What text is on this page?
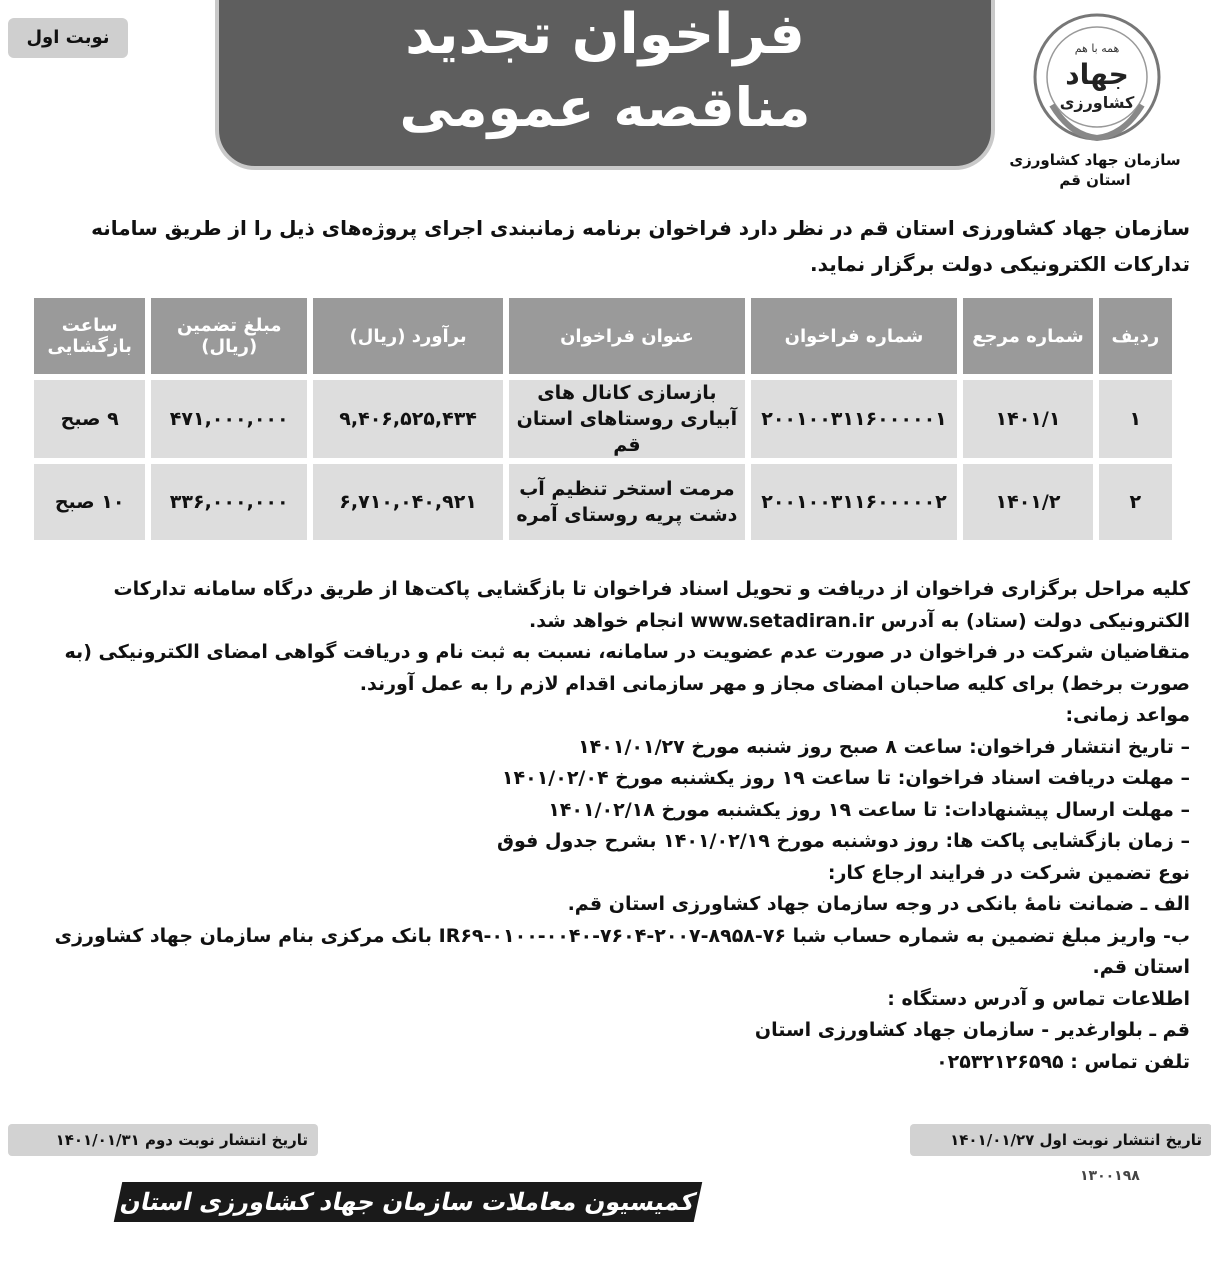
نوبت اول	فراخوان تجدید
مناقصه عمومی
همه با هم
جهاد
کشاورزی
سازمان جهاد کشاورزی
استان قم
سازمان جهاد کشاورزی استان قم در نظر دارد فراخوان برنامه زمانبندی اجرای پروژه‌های ذیل را از طریق سامانه تدارکات الکترونیکی دولت برگزار نماید.
ردیف	شماره مرجع	شماره فراخوان	عنوان فراخوان	برآورد (ریال)	مبلغ تضمین (ریال)	ساعت بازگشایی
۱	۱۴۰۱/۱	۲۰۰۱۰۰۳۱۱۶۰۰۰۰۰۱	بازسازی کانال های آبیاری روستاهای استان قم	۹,۴۰۶,۵۲۵,۴۳۴	۴۷۱,۰۰۰,۰۰۰	۹ صبح
۲	۱۴۰۱/۲	۲۰۰۱۰۰۳۱۱۶۰۰۰۰۰۲	مرمت استخر تنظیم آب دشت پریه روستای آمره	۶,۷۱۰,۰۴۰,۹۲۱	۳۳۶,۰۰۰,۰۰۰	۱۰ صبح

کلیه مراحل برگزاری فراخوان از دریافت و تحویل اسناد فراخوان تا بازگشایی پاکت‌ها از طریق درگاه سامانه تدارکات الکترونیکی دولت (ستاد) به آدرس www.setadiran.ir انجام خواهد شد.

متقاضیان شرکت در فراخوان در صورت عدم عضویت در سامانه، نسبت به ثبت نام و دریافت گواهی امضای الکترونیکی (به صورت برخط) برای کلیه صاحبان امضای مجاز و مهر سازمانی اقدام لازم را به عمل آورند.

مواعد زمانی:

– تاریخ انتشار فراخوان: ساعت ۸ صبح روز شنبه مورخ ۱۴۰۱/۰۱/۲۷

– مهلت دریافت اسناد فراخوان: تا ساعت ۱۹ روز یکشنبه مورخ ۱۴۰۱/۰۲/۰۴

– مهلت ارسال پیشنهادات: تا ساعت ۱۹ روز یکشنبه مورخ ۱۴۰۱/۰۲/۱۸

– زمان بازگشایی پاکت ها: روز دوشنبه مورخ ۱۴۰۱/۰۲/۱۹ بشرح جدول فوق

نوع تضمین شرکت در فرایند ارجاع کار:

الف ـ ضمانت نامهٔ بانکی در وجه سازمان جهاد کشاورزی استان قم.

ب- واریز مبلغ تضمین به شماره حساب شبا IR۶۹-۰۱۰۰-۰۰۴۰-۷۶۰۴-۲۰۰۷-۸۹۵۸-۷۶ بانک مرکزی بنام سازمان جهاد کشاورزی استان قم.

اطلاعات تماس و آدرس دستگاه :

قم ـ بلوارغدیر - سازمان جهاد کشاورزی استان

تلفن تماس : ۰۲۵۳۲۱۲۶۵۹۵

تاریخ انتشار نوبت اول ۱۴۰۱/۰۱/۲۷
تاریخ انتشار نوبت دوم ۱۴۰۱/۰۱/۳۱
۱۳۰۰۱۹۸
کمیسیون معاملات سازمان جهاد کشاورزی استان قم
